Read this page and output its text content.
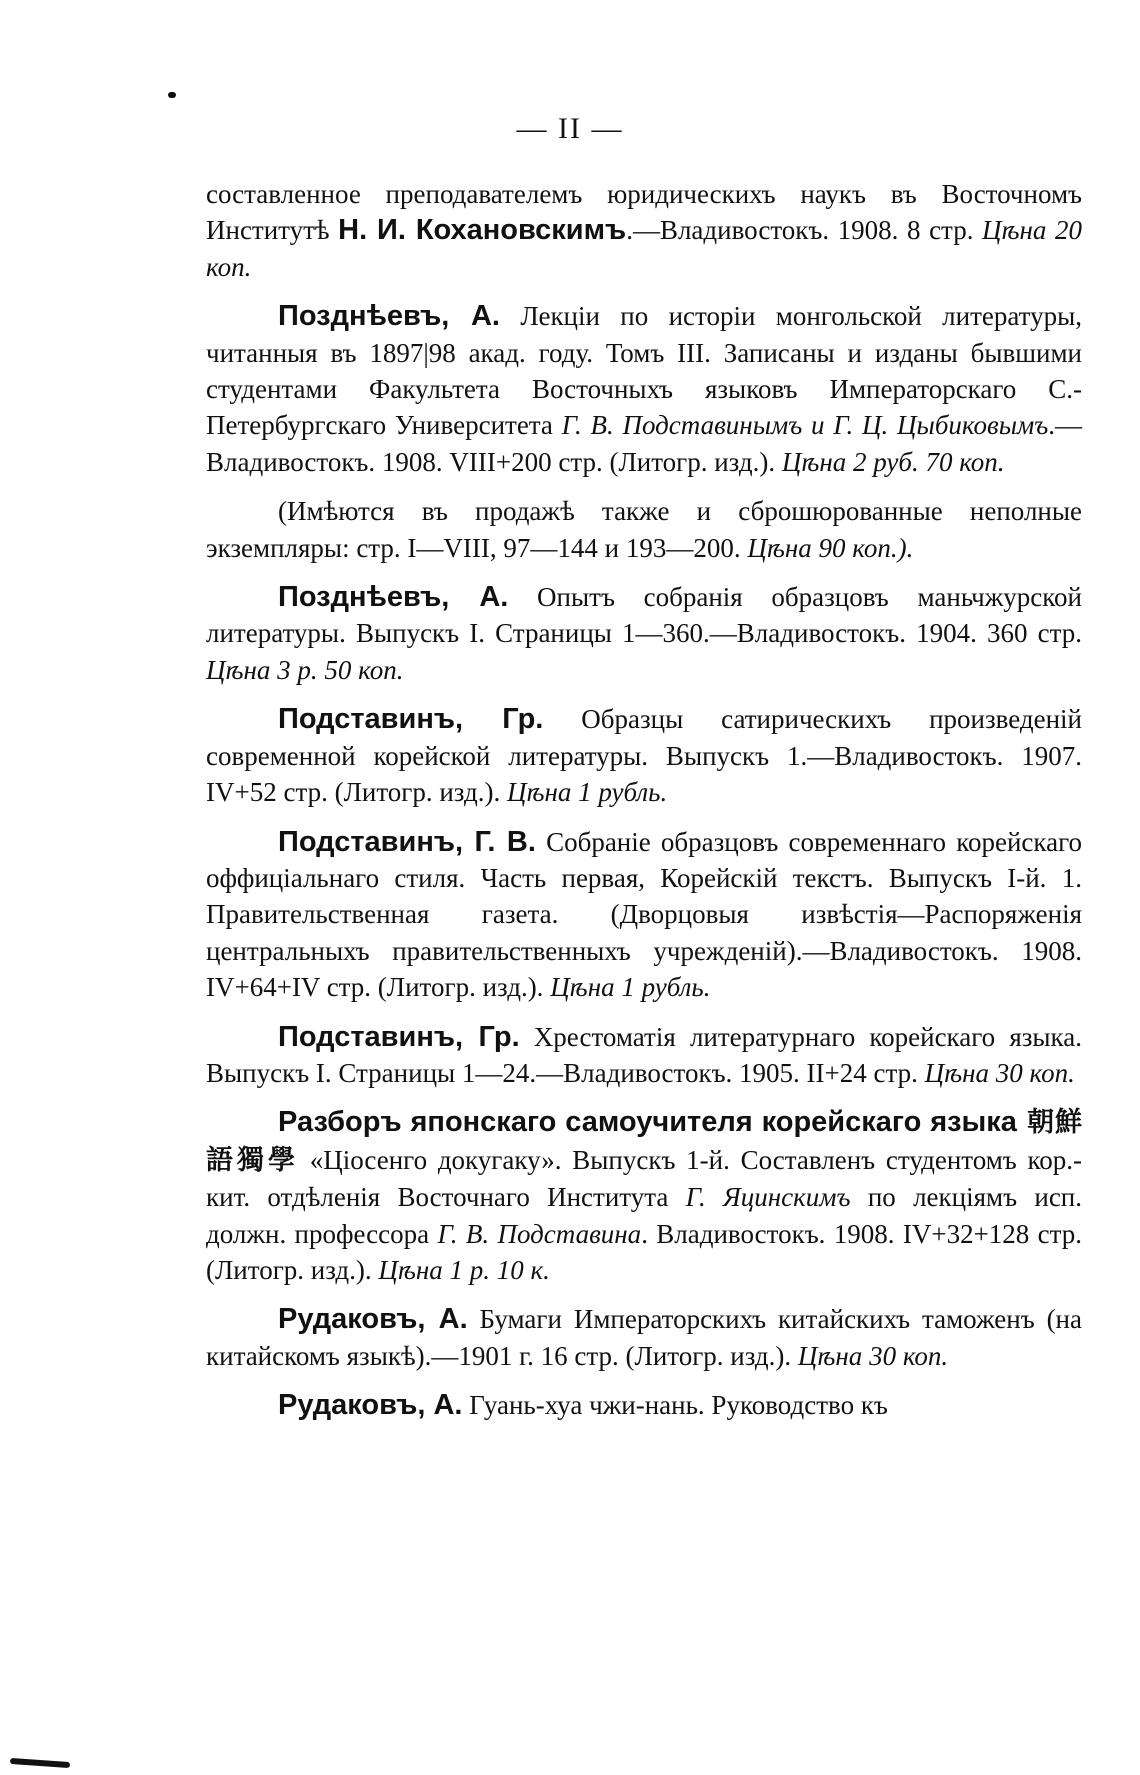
— II —

составленное преподавателемъ юридическихъ наукъ въ Восточномъ Институтѣ Н. И. Кохановскимъ.—Владивостокъ. 1908. 8 стр. Цѣна 20 коп.

Позднѣевъ, А. Лекціи по исторіи монгольской литературы, читанныя въ 1897|98 акад. году. Томъ III. Записаны и изданы бывшими студентами Факультета Восточныхъ языковъ Императорскаго С.-Петербургскаго Университета Г. В. Подставинымъ и Г. Ц. Цыбиковымъ.—Владивостокъ. 1908. VIII+200 стр. (Литогр. изд.). Цѣна 2 руб. 70 коп.

(Имѣются въ продажѣ также и сброшюрованные неполные экземпляры: стр. I—VIII, 97—144 и 193—200. Цѣна 90 коп.).

Позднѣевъ, А. Опытъ собранія образцовъ маньчжурской литературы. Выпускъ I. Страницы 1—360.—Владивостокъ. 1904. 360 стр. Цѣна 3 р. 50 коп.

Подставинъ, Гр. Образцы сатирическихъ произведеній современной корейской литературы. Выпускъ 1.—Владивостокъ. 1907. IV+52 стр. (Литогр. изд.). Цѣна 1 рубль.

Подставинъ, Г. В. Собраніе образцовъ современнаго корейскаго оффиціальнаго стиля. Часть первая, Корейскій текстъ. Выпускъ I-й. 1. Правительственная газета. (Дворцовыя извѣстія—Распоряженія центральныхъ правительственныхъ учрежденій).—Владивостокъ. 1908. IV+64+IV стр. (Литогр. изд.). Цѣна 1 рубль.

Подставинъ, Гр. Хрестоматія литературнаго корейскаго языка. Выпускъ I. Страницы 1—24.—Владивостокъ. 1905. II+24 стр. Цѣна 30 коп.

Разборъ японскаго самоучителя корейскаго языка 朝鮮語獨學 «Цiосенго докугаку». Выпускъ 1-й. Составленъ студентомъ кор.-кит. отдѣленія Восточнаго Института Г. Яцинскимъ по лекціямъ исп. должн. профессора Г. В. Подставина. Владивостокъ. 1908. IV+32+128 стр. (Литогр. изд.). Цѣна 1 р. 10 к.

Рудаковъ, А. Бумаги Императорскихъ китайскихъ таможенъ (на китайскомъ языкѣ).—1901 г. 16 стр. (Литогр. изд.). Цѣна 30 коп.

Рудаковъ, А. Гуань-хуа чжи-нань. Руководство къ
